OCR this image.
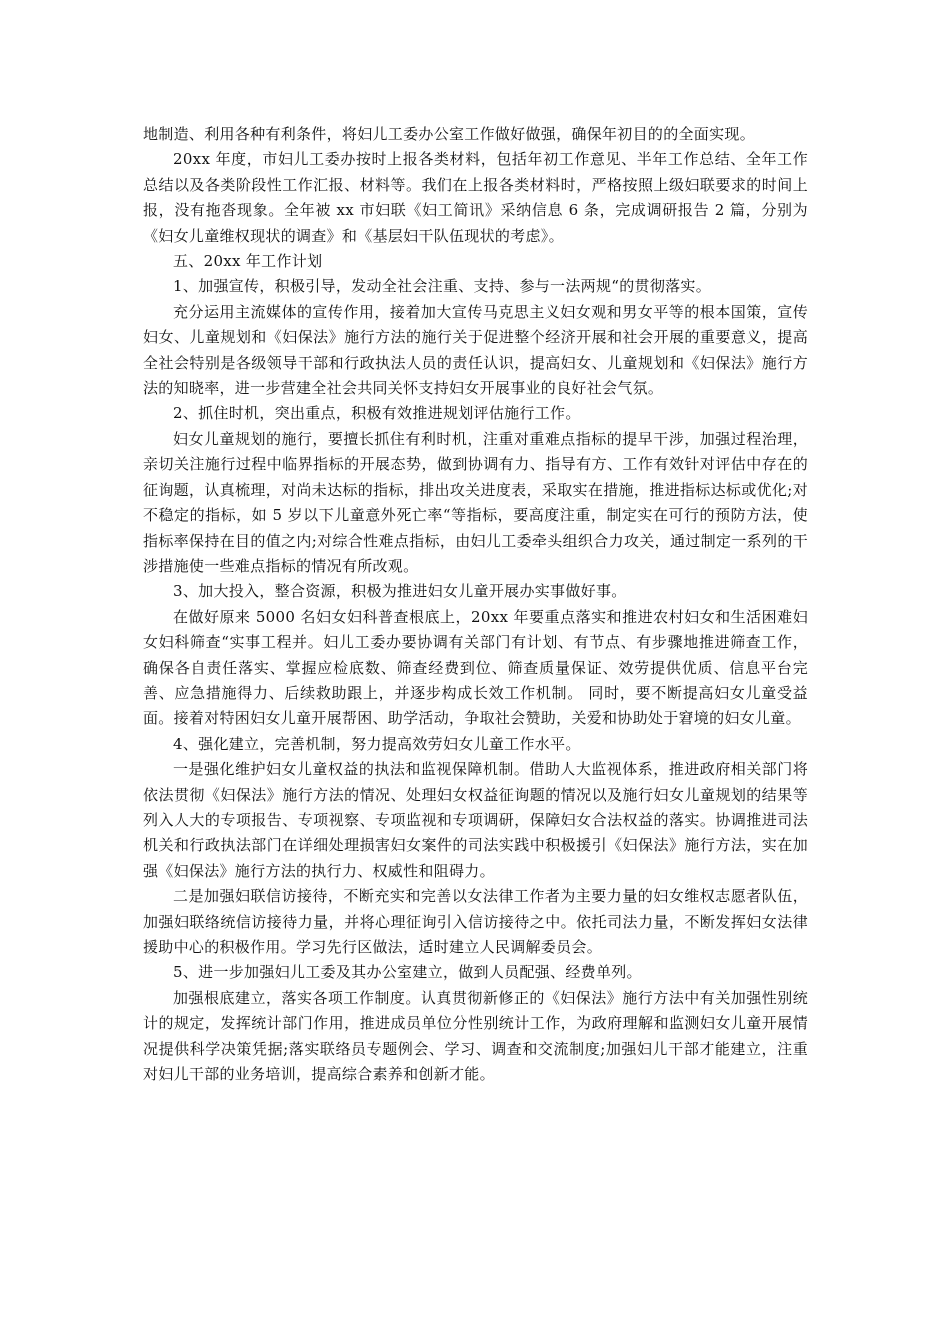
地制造、利用各种有利条件，将妇儿工委办公室工作做好做强，确保年初目的的全面实现。

20xx 年度，市妇儿工委办按时上报各类材料，包括年初工作意见、半年工作总结、全年工作总结以及各类阶段性工作汇报、材料等。我们在上报各类材料时，严格按照上级妇联要求的时间上报，没有拖沓现象。全年被 xx 市妇联《妇工简讯》采纳信息 6 条，完成调研报告 2 篇，分别为《妇女儿童维权现状的调查》和《基层妇干队伍现状的考虑》。

五、20xx 年工作计划

1、加强宣传，积极引导，发动全社会注重、支持、参与一法两规“的贯彻落实。

充分运用主流媒体的宣传作用，接着加大宣传马克思主义妇女观和男女平等的根本国策，宣传妇女、儿童规划和《妇保法》施行方法的施行关于促进整个经济开展和社会开展的重要意义，提高全社会特别是各级领导干部和行政执法人员的责任认识，提高妇女、儿童规划和《妇保法》施行方法的知晓率，进一步营建全社会共同关怀支持妇女开展事业的良好社会气氛。

2、抓住时机，突出重点，积极有效推进规划评估施行工作。

妇女儿童规划的施行，要擅长抓住有利时机，注重对重难点指标的提早干涉，加强过程治理，亲切关注施行过程中临界指标的开展态势，做到协调有力、指导有方、工作有效针对评估中存在的征询题，认真梳理，对尚未达标的指标，排出攻关进度表，采取实在措施，推进指标达标或优化;对不稳定的指标，如 5 岁以下儿童意外死亡率“等指标，要高度注重，制定实在可行的预防方法，使指标率保持在目的值之内;对综合性难点指标，由妇儿工委牵头组织合力攻关，通过制定一系列的干涉措施使一些难点指标的情况有所改观。

3、加大投入，整合资源，积极为推进妇女儿童开展办实事做好事。

在做好原来 5000 名妇女妇科普查根底上，20xx 年要重点落实和推进农村妇女和生活困难妇女妇科筛查“实事工程并。妇儿工委办要协调有关部门有计划、有节点、有步骤地推进筛查工作，确保各自责任落实、掌握应检底数、筛查经费到位、筛查质量保证、效劳提供优质、信息平台完善、应急措施得力、后续救助跟上，并逐步构成长效工作机制。 同时，要不断提高妇女儿童受益面。接着对特困妇女儿童开展帮困、助学活动，争取社会赞助，关爱和协助处于窘境的妇女儿童。

4、强化建立，完善机制，努力提高效劳妇女儿童工作水平。

一是强化维护妇女儿童权益的执法和监视保障机制。借助人大监视体系，推进政府相关部门将依法贯彻《妇保法》施行方法的情况、处理妇女权益征询题的情况以及施行妇女儿童规划的结果等列入人大的专项报告、专项视察、专项监视和专项调研，保障妇女合法权益的落实。协调推进司法机关和行政执法部门在详细处理损害妇女案件的司法实践中积极援引《妇保法》施行方法，实在加强《妇保法》施行方法的执行力、权威性和阻碍力。

二是加强妇联信访接待，不断充实和完善以女法律工作者为主要力量的妇女维权志愿者队伍，加强妇联络统信访接待力量，并将心理征询引入信访接待之中。依托司法力量，不断发挥妇女法律援助中心的积极作用。学习先行区做法，适时建立人民调解委员会。

5、进一步加强妇儿工委及其办公室建立，做到人员配强、经费单列。

加强根底建立，落实各项工作制度。认真贯彻新修正的《妇保法》施行方法中有关加强性别统计的规定，发挥统计部门作用，推进成员单位分性别统计工作，为政府理解和监测妇女儿童开展情况提供科学决策凭据;落实联络员专题例会、学习、调查和交流制度;加强妇儿干部才能建立，注重对妇儿干部的业务培训，提高综合素养和创新才能。
